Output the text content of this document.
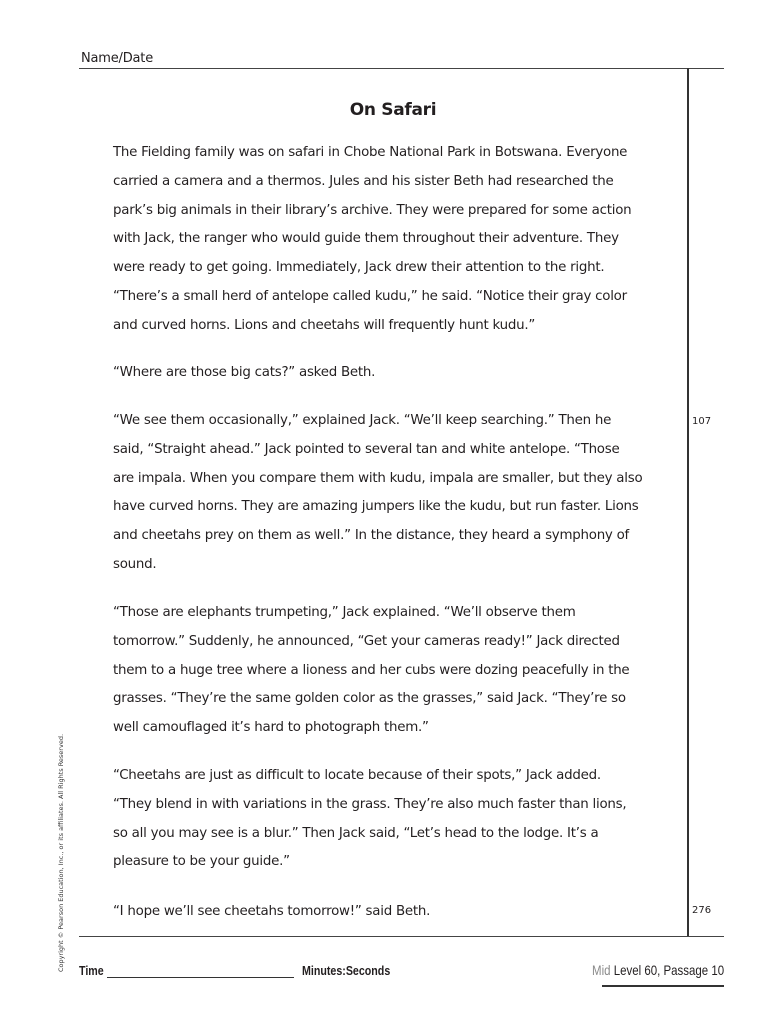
Name/Date
On Safari
The Fielding family was on safari in Chobe National Park in Botswana. Everyone
carried a camera and a thermos. Jules and his sister Beth had researched the
park’s big animals in their library’s archive. They were prepared for some action
with Jack, the ranger who would guide them throughout their adventure. They
were ready to get going. Immediately, Jack drew their attention to the right.
“There’s a small herd of antelope called kudu,” he said. “Notice their gray color
and curved horns. Lions and cheetahs will frequently hunt kudu.”
“Where are those big cats?” asked Beth.
“We see them occasionally,” explained Jack. “We’ll keep searching.” Then he
said, “Straight ahead.” Jack pointed to several tan and white antelope. “Those
are impala. When you compare them with kudu, impala are smaller, but they also
have curved horns. They are amazing jumpers like the kudu, but run faster. Lions
and cheetahs prey on them as well.” In the distance, they heard a symphony of
sound.
“Those are elephants trumpeting,” Jack explained. “We’ll observe them
tomorrow.” Suddenly, he announced, “Get your cameras ready!” Jack directed
them to a huge tree where a lioness and her cubs were dozing peacefully in the
grasses. “They’re the same golden color as the grasses,” said Jack. “They’re so
well camouflaged it’s hard to photograph them.”
“Cheetahs are just as difficult to locate because of their spots,” Jack added.
“They blend in with variations in the grass. They’re also much faster than lions,
so all you may see is a blur.” Then Jack said, “Let’s head to the lodge. It’s a
pleasure to be your guide.”
“I hope we’ll see cheetahs tomorrow!” said Beth.
107
276
Copyright © Pearson Education, Inc., or its affiliates. All Rights Reserved. Time	Minutes:Seconds	Mid Level 60, Passage 10
